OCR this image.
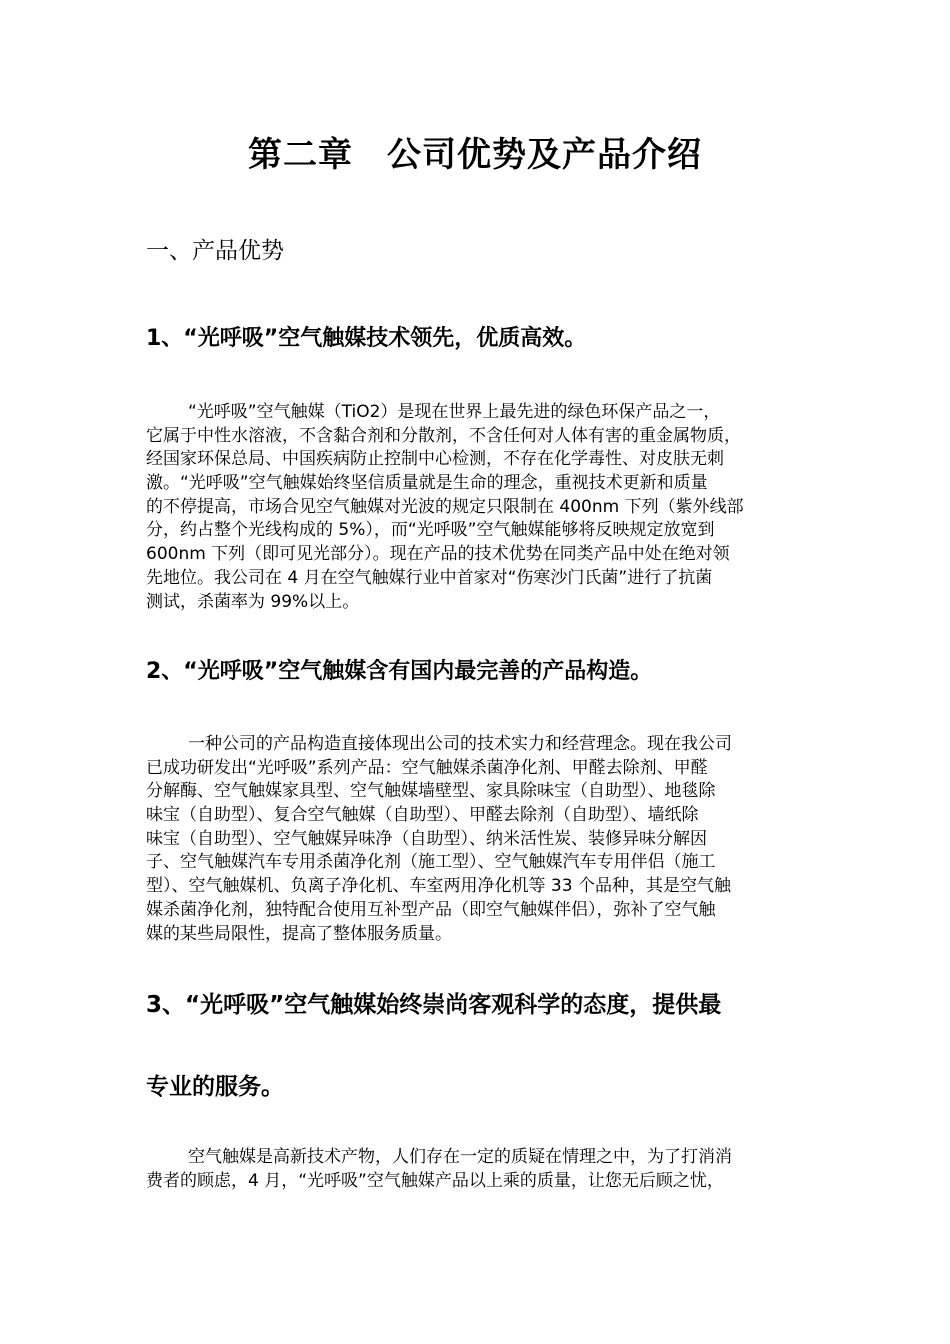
第二章 公司优势及产品介绍
一、产品优势
1、“光呼吸”空气触媒技术领先，优质高效。
“光呼吸”空气触媒（TiO2）是现在世界上最先进的绿色环保产品之一，
它属于中性水溶液，不含黏合剂和分散剂，不含任何对人体有害的重金属物质，
经国家环保总局、中国疾病防止控制中心检测，不存在化学毒性、对皮肤无刺
激。“光呼吸”空气触媒始终坚信质量就是生命的理念，重视技术更新和质量
的不停提高，市场合见空气触媒对光波的规定只限制在 400nm 下列（紫外线部
分，约占整个光线构成的 5%），而“光呼吸”空气触媒能够将反映规定放宽到
600nm 下列（即可见光部分）。现在产品的技术优势在同类产品中处在绝对领
先地位。我公司在 4 月在空气触媒行业中首家对“伤寒沙门氏菌”进行了抗菌
测试，杀菌率为 99%以上。
2、“光呼吸”空气触媒含有国内最完善的产品构造。
一种公司的产品构造直接体现出公司的技术实力和经营理念。现在我公司
已成功研发出“光呼吸”系列产品：空气触媒杀菌净化剂、甲醛去除剂、甲醛
分解酶、空气触媒家具型、空气触媒墙壁型、家具除味宝（自助型）、地毯除
味宝（自助型）、复合空气触媒（自助型）、甲醛去除剂（自助型）、墙纸除
味宝（自助型）、空气触媒异味净（自助型）、纳米活性炭、装修异味分解因
子、空气触媒汽车专用杀菌净化剂（施工型）、空气触媒汽车专用伴侣（施工
型）、空气触媒机、负离子净化机、车室两用净化机等 33 个品种，其是空气触
媒杀菌净化剂，独特配合使用互补型产品（即空气触媒伴侣），弥补了空气触
媒的某些局限性，提高了整体服务质量。
3、“光呼吸”空气触媒始终崇尚客观科学的态度，提供最
专业的服务。
空气触媒是高新技术产物，人们存在一定的质疑在情理之中，为了打消消
费者的顾虑，4 月，“光呼吸”空气触媒产品以上乘的质量，让您无后顾之忧，
